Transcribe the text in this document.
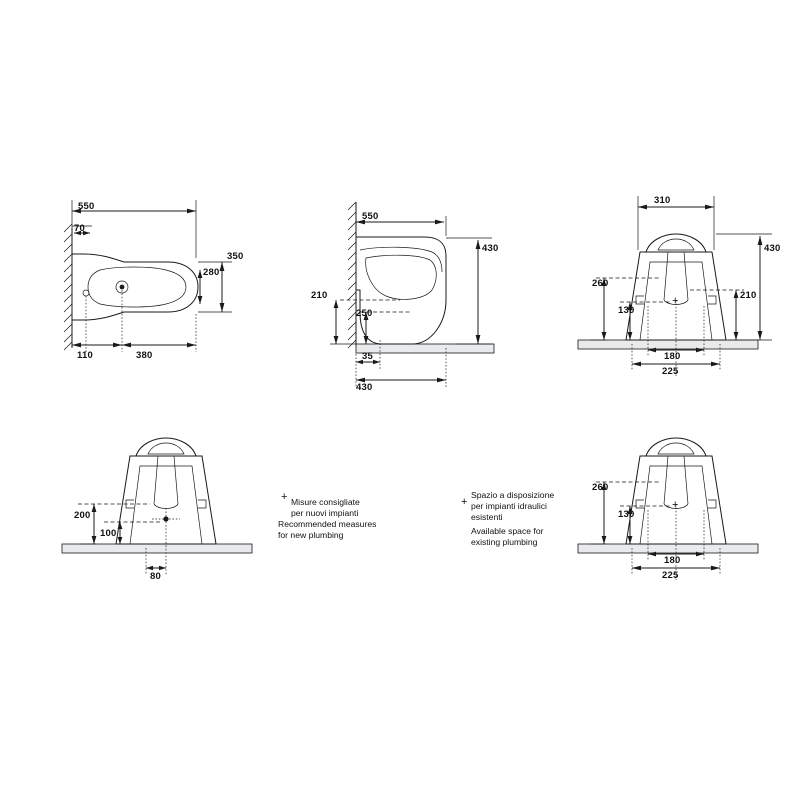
550
70
350
280
110	380
550
430
210
250
35
430
310
430
260
210
130
180
225
+
200
100
80
260
130
180
225
+
+ Misure consigliate
per nuovi impianti
Recommended measures
for new plumbing
+
Spazio a disposizione
per impianti idraulici
esistenti
Available space for
existing plumbing
